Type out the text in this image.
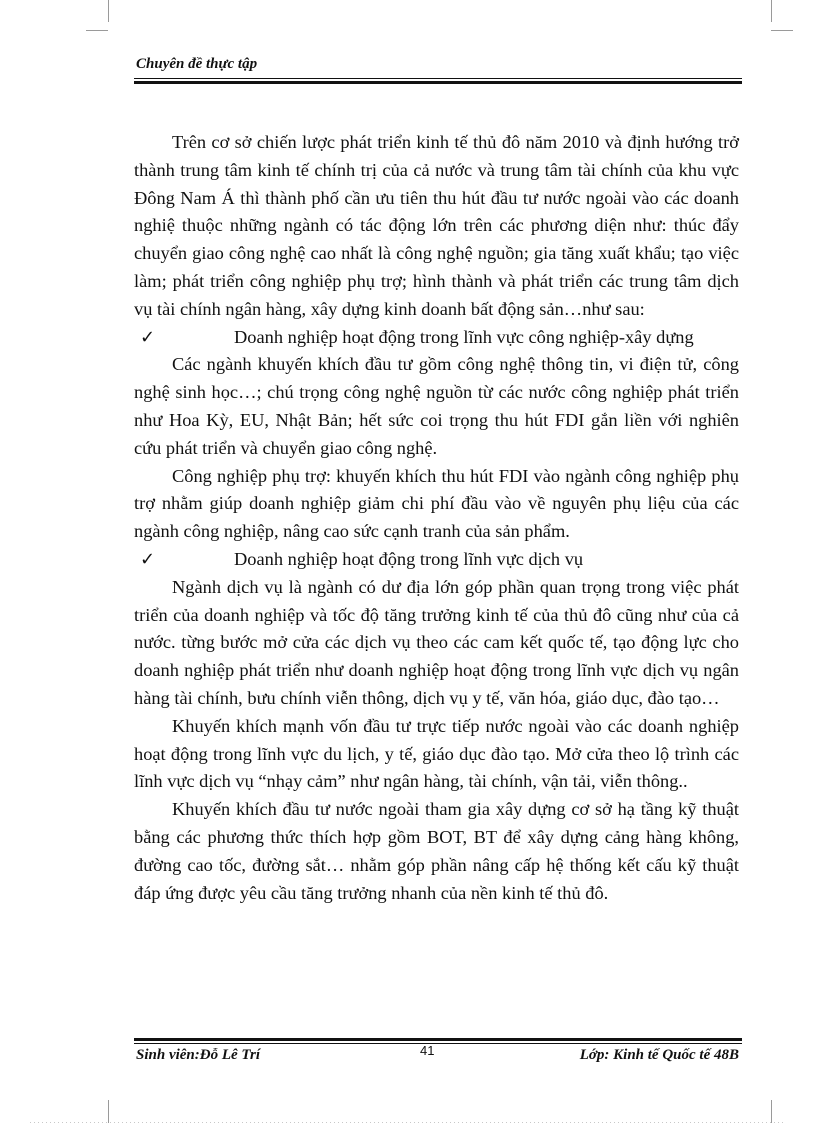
Chuyên đề thực tập

Trên cơ sở chiến lược phát triển kinh tế thủ đô năm 2010 và định hướng trở thành trung tâm kinh tế chính trị của cả nước và trung tâm tài chính của khu vực Đông Nam Á thì thành phố cần ưu tiên thu hút đầu tư nước ngoài vào các doanh nghiệ thuộc những ngành có tác động lớn trên các phương diện như: thúc đẩy chuyển giao công nghệ cao nhất là công nghệ nguồn; gia tăng xuất khẩu; tạo việc làm; phát triển công nghiệp phụ trợ; hình thành và phát triển các trung tâm dịch vụ tài chính ngân hàng, xây dựng kinh doanh bất động sản…như sau:

✓	Doanh nghiệp hoạt động trong lĩnh vực công nghiệp-xây dựng

Các ngành khuyến khích đầu tư gồm công nghệ thông tin, vi điện tử, công nghệ sinh học…; chú trọng công nghệ nguồn từ các nước công nghiệp phát triển như Hoa Kỳ, EU, Nhật Bản; hết sức coi trọng thu hút FDI gắn liền với nghiên cứu phát triển và chuyển giao công nghệ.

Công nghiệp phụ trợ: khuyến khích thu hút FDI vào ngành công nghiệp phụ trợ nhằm giúp doanh nghiệp giảm chi phí đầu vào về nguyên phụ liệu của các ngành công nghiệp, nâng cao sức cạnh tranh của sản phẩm.

✓	Doanh nghiệp hoạt động trong lĩnh vực dịch vụ

Ngành dịch vụ là ngành có dư địa lớn góp phần quan trọng trong việc phát triển của doanh nghiệp và tốc độ tăng trưởng kinh tế của thủ đô cũng như của cả nước. từng bước mở cửa các dịch vụ theo các cam kết quốc tế, tạo động lực cho doanh nghiệp phát triển như doanh nghiệp hoạt động trong lĩnh vực dịch vụ ngân hàng tài chính, bưu chính viễn thông, dịch vụ y tế, văn hóa, giáo dục, đào tạo…

Khuyến khích mạnh vốn đầu tư trực tiếp nước ngoài vào các doanh nghiệp hoạt động trong lĩnh vực du lịch, y tế, giáo dục đào tạo. Mở cửa theo lộ trình các lĩnh vực dịch vụ “nhạy cảm” như ngân hàng, tài chính, vận tải, viễn thông..

Khuyến khích đầu tư nước ngoài tham gia xây dựng cơ sở hạ tầng kỹ thuật bằng các phương thức thích hợp gồm BOT, BT để xây dựng cảng hàng không, đường cao tốc, đường sắt… nhằm góp phần nâng cấp hệ thống kết cấu kỹ thuật đáp ứng được yêu cầu tăng trưởng nhanh của nền kinh tế thủ đô.

Sinh viên:Đỗ Lê Trí	41	Lớp: Kinh tế Quốc tế 48B
